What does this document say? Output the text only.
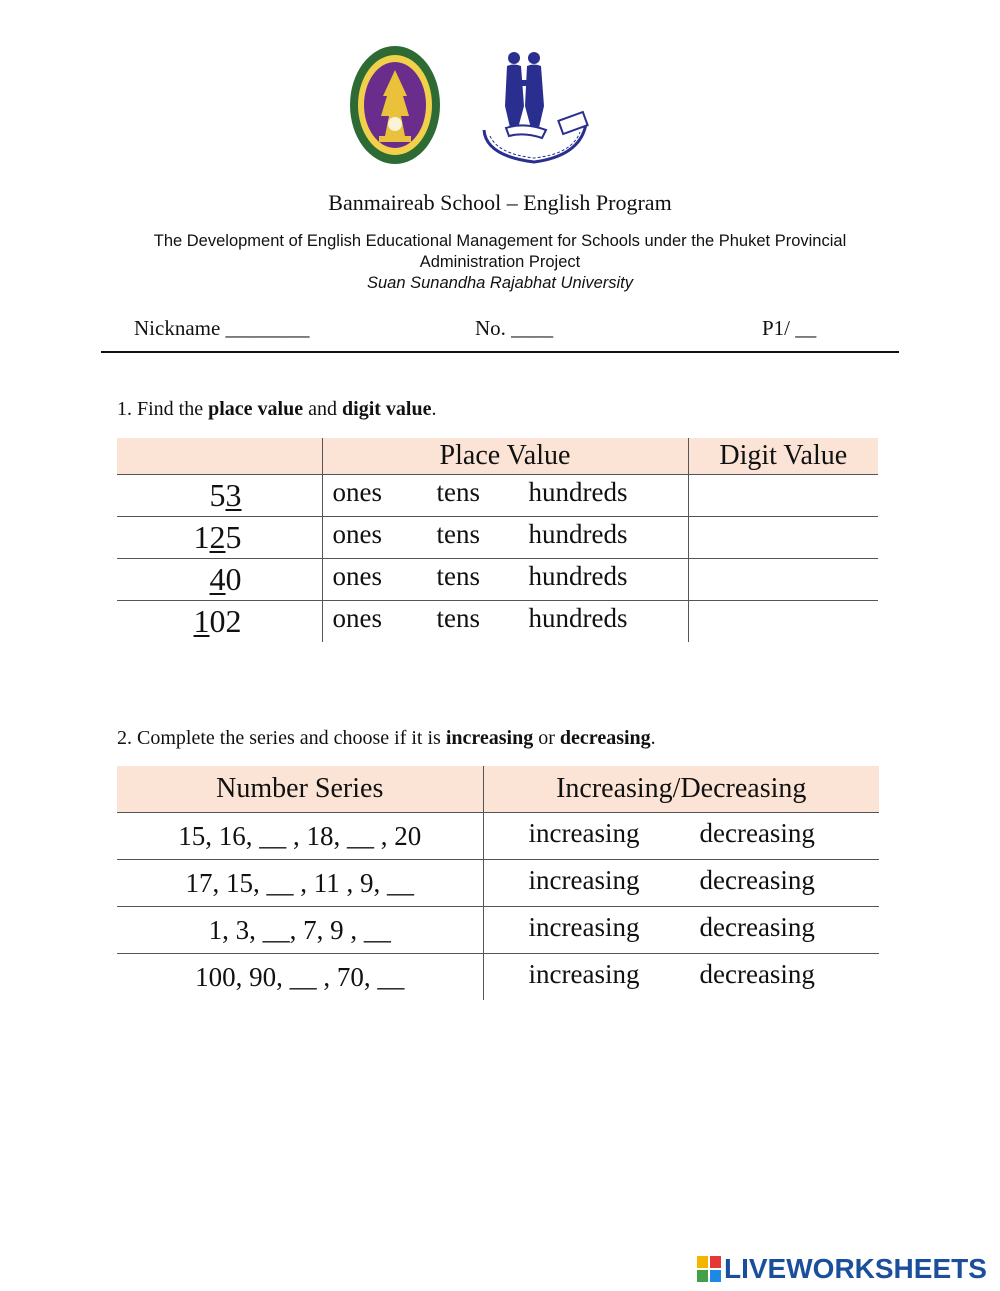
Banmaireab School – English Program
The Development of English Educational Management for Schools under the Phuket Provincial
Administration Project
Suan Sunandha Rajabhat University
Nickname ________	No. ____	P1/ __
1. Find the place value and digit value.
	Place Value	Digit Value
53	ones tens hundreds	

125	ones tens hundreds	

40	ones tens hundreds	

102	ones tens hundreds	

2. Complete the series and choose if it is increasing or decreasing.
Number Series	Increasing/Decreasing
15, 16, __ , 18, __ , 20	increasing decreasing

17, 15, __ , 11 , 9, __	increasing decreasing

1, 3, __, 7, 9 , __	increasing decreasing

100, 90, __ , 70, __	increasing decreasing
LIVEWORKSHEETS
